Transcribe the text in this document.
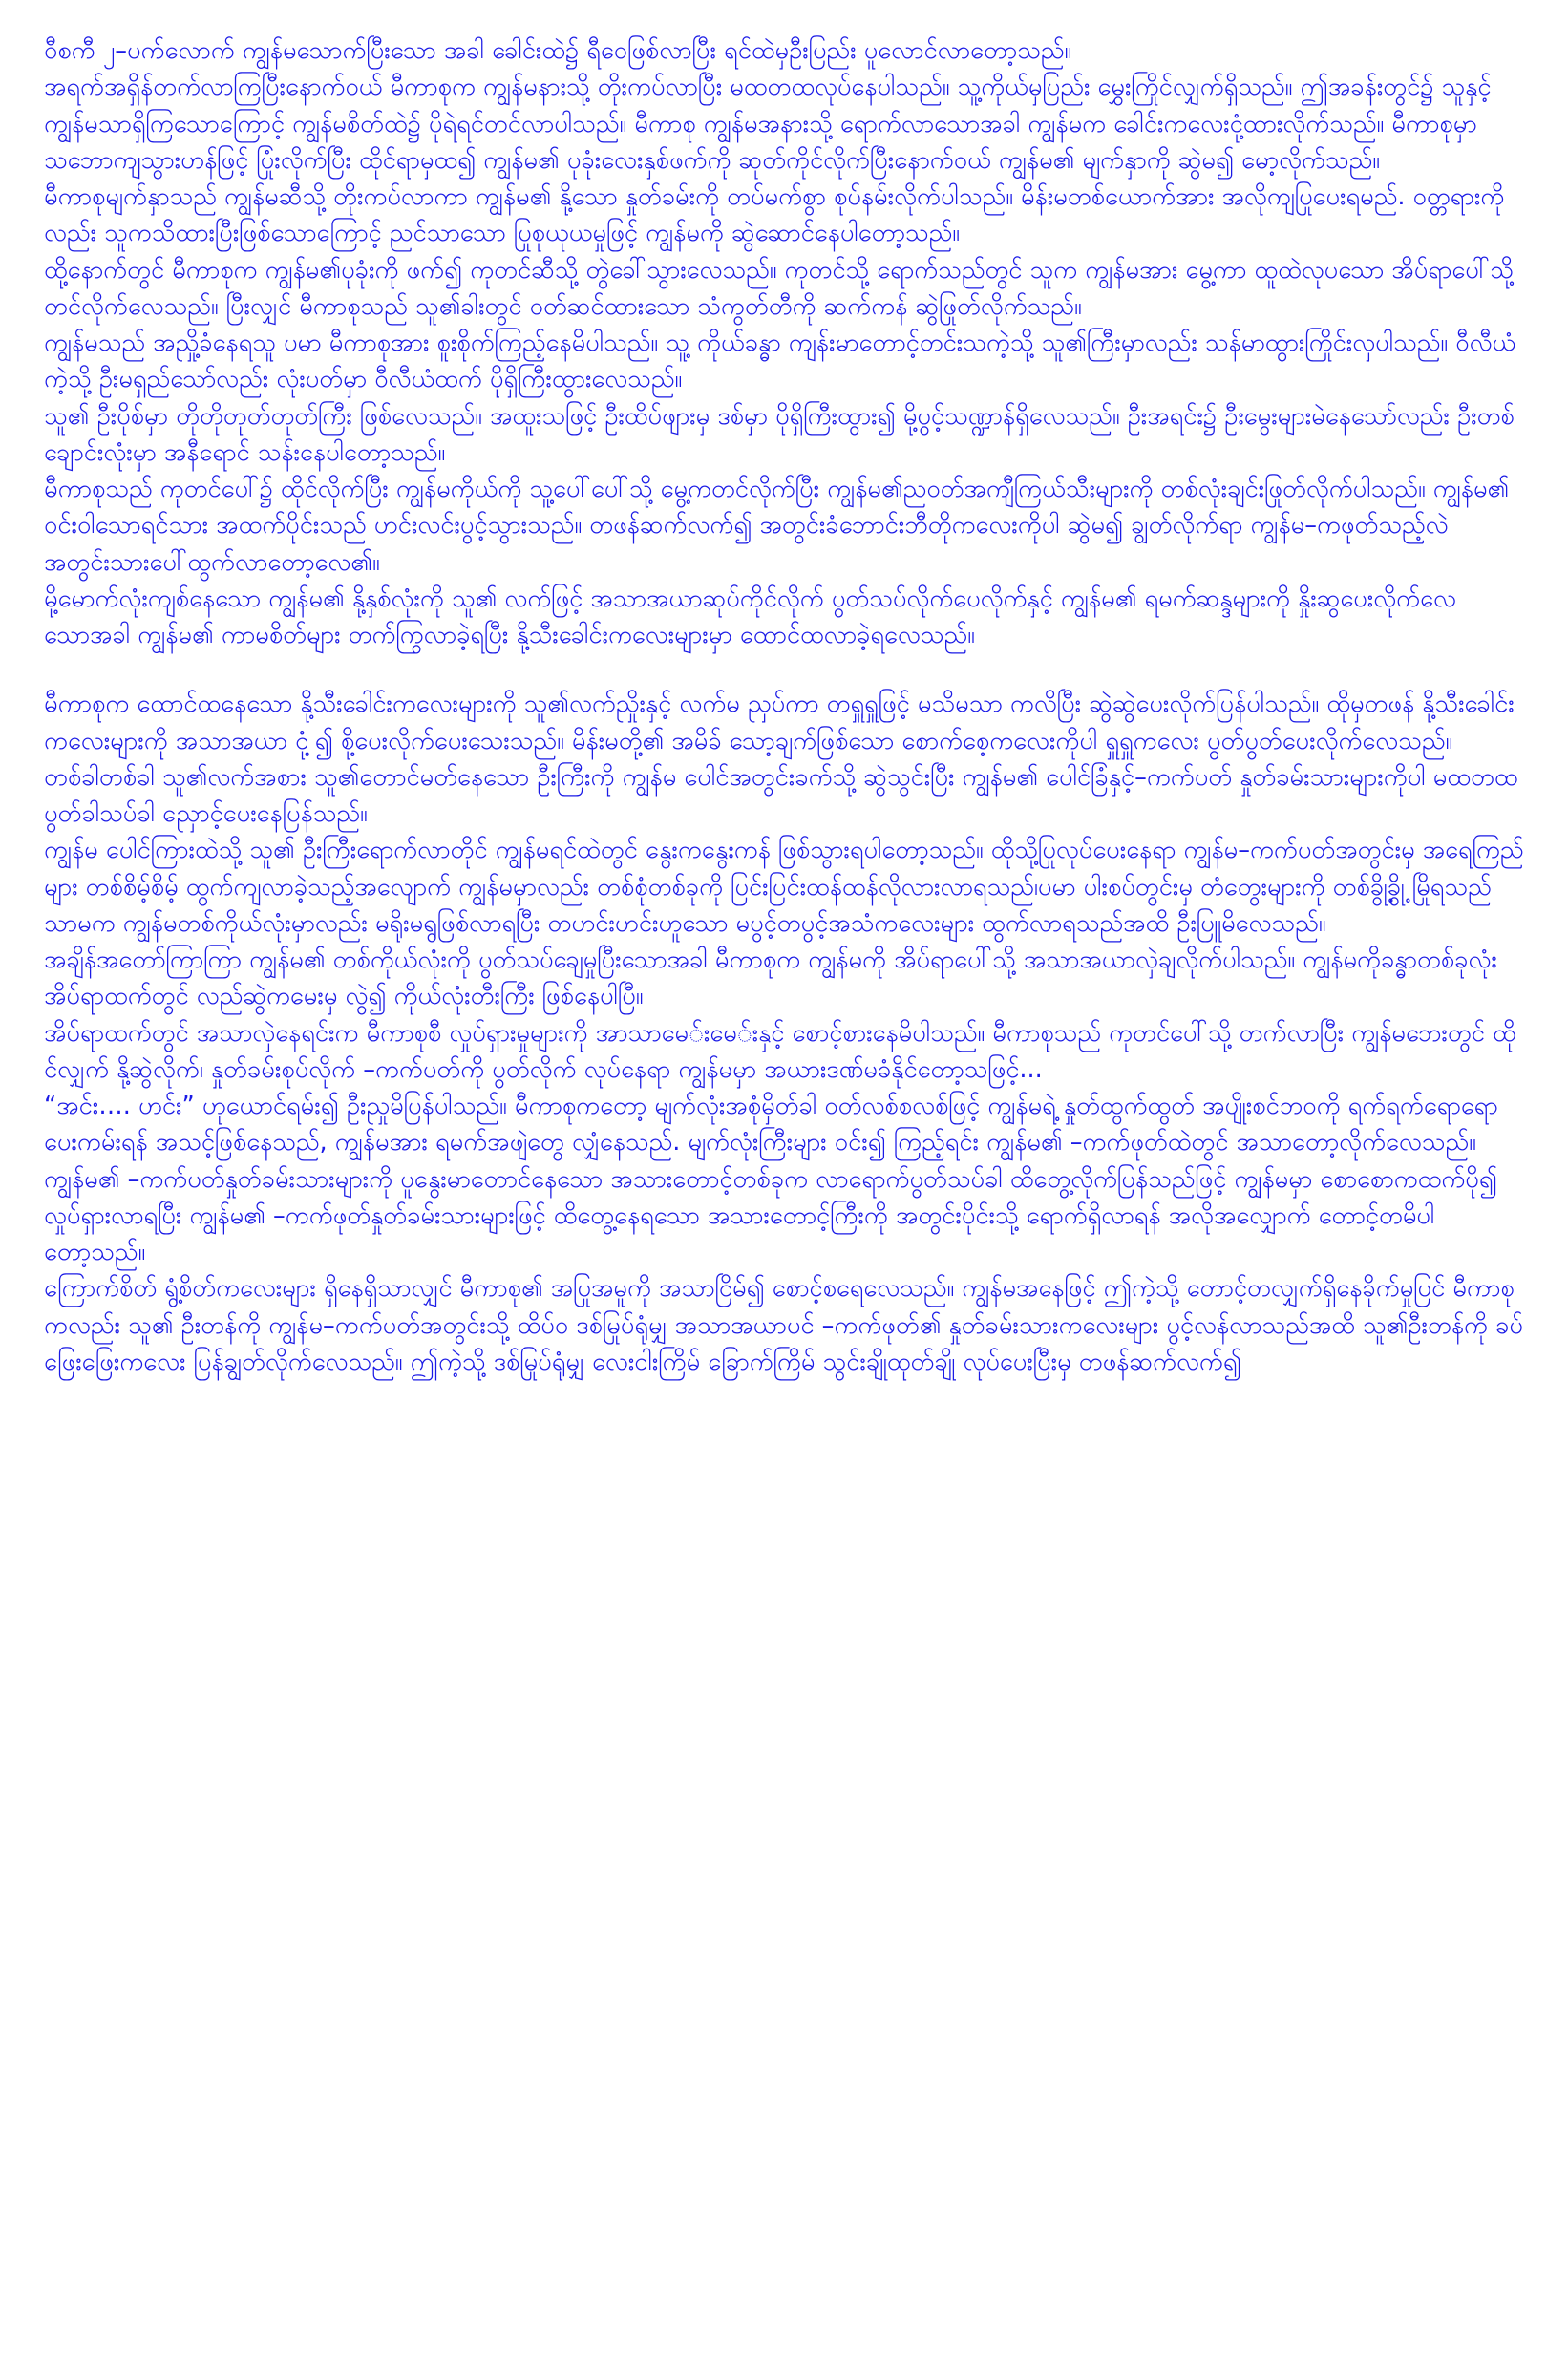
ဝီစကီ ၂–ပက်လောက် ကျွန်မသောက်ပြီးသော အခါ ခေါင်းထဲ၌ ရီဝေဖြစ်လာပြီး ရင်ထဲမှဦးပြည်း ပူလောင်လာတော့သည်။

အရက်အရှိန်တက်လာကြပြီးနောက်ဝယ် မီကာစုက ကျွန်မနားသို့ တိုးကပ်လာပြီး မထတထလုပ်နေပါသည်။ သူ့ကိုယ်မှပြည်း မွှေးကြိုင်လျှက်ရှိသည်။ ဤအခန်းတွင်၌ သူနှင့်ကျွန်မသာရှိကြသောကြောင့် ကျွန်မစိတ်ထဲ၌ ပိုရဲရင်တင်လာပါသည်။ မီကာစု ကျွန်မအနားသို့ ရောက်လာသောအခါ ကျွန်မက ခေါင်းကလေးငုံ့ထားလိုက်သည်။ မီကာစုမှာ သဘောကျသွားဟန်ဖြင့် ပြုံးလိုက်ပြီး ထိုင်ရာမှထ၍ ကျွန်မ၏ ပုခုံးလေးနှစ်ဖက်ကို ဆုတ်ကိုင်လိုက်ပြီးနောက်ဝယ် ကျွန်မ၏ မျက်နှာကို ဆွဲမ၍ မော့လိုက်သည်။

မီကာစုမျက်နှာသည် ကျွန်မဆီသို့ တိုးကပ်လာကာ ကျွန်မ၏ နို့သော နှုတ်ခမ်းကို တပ်မက်စွာ စုပ်နမ်းလိုက်ပါသည်။ မိန်းမတစ်ယောက်အား အလိုကျပြုပေးရမည်. ဝတ္တရားကိုလည်း သူကသိထားပြီးဖြစ်သောကြောင့် ညင်သာသော ပြုစုယုယမှုဖြင့် ကျွန်မကို ဆွဲဆောင်နေပါတော့သည်။

ထို့နောက်တွင် မီကာစုက ကျွန်မ၏ပုခုံးကို ဖက်၍ ကုတင်ဆီသို့ တွဲခေါ်သွားလေသည်။ ကုတင်သို့ ရောက်သည်တွင် သူက ကျွန်မအား မွေ့ကာ ထူထဲလုပသော အိပ်ရာပေါ်သို့တင်လိုက်လေသည်။ ပြီးလျှင် မီကာစုသည် သူ၏ခါးတွင် ဝတ်ဆင်ထားသော သံကွတ်တီကို ဆက်ကန် ဆွဲဖြုတ်လိုက်သည်။

ကျွန်မသည် အညှို့ခံနေရသူ ပမာ မီကာစုအား စူးစိုက်ကြည့်နေမိပါသည်။ သူ့ ကိုယ်ခန္ဓာ ကျန်းမာတောင့်တင်းသကဲ့သို့ သူ၏ကြီးမှာလည်း သန်မာထွားကြိုင်းလှပါသည်။ ဝီလီယံကဲ့သို့ ဦးမရှည်သော်လည်း လုံးပတ်မှာ ဝီလီယံထက် ပိုရှိကြီးထွားလေသည်။

သူ၏ ဦးပိုစ်မှာ တိုတိုတုတ်တုတ်ကြီး ဖြစ်လေသည်။ အထူးသဖြင့် ဦးထိပ်ဖျားမှ ဒစ်မှာ ပိုရှိကြီးထွား၍ မို့ပွင့်သဏ္ဍာန်ရှိလေသည်။ ဦးအရင်း၌ ဦးမွေးများမဲနေသော်လည်း ဦးတစ်ချောင်းလုံးမှာ အနီရောင် သန်းနေပါတော့သည်။

မီကာစုသည် ကုတင်ပေါ်၌ ထိုင်လိုက်ပြီး ကျွန်မကိုယ်ကို သူ့ပေါ်ပေါ်သို့ မွေ့ကတင်လိုက်ပြီး ကျွန်မ၏ညဝတ်အကျီကြယ်သီးများကို တစ်လုံးချင်းဖြုတ်လိုက်ပါသည်။ ကျွန်မ၏ ဝင်းဝါသောရင်သား အထက်ပိုင်းသည် ဟင်းလင်းပွင့်သွားသည်။ တဖန်ဆက်လက်၍ အတွင်းခံဘောင်းဘီတိုကလေးကိုပါ ဆွဲမ၍ ချွတ်လိုက်ရာ ကျွန်မ–ကဖုတ်သည့်လဲ အတွင်းသားပေါ်ထွက်လာတော့လေ၏။

မို့မောက်လုံးကျစ်နေသော ကျွန်မ၏ နို့နှစ်လုံးကို သူ၏ လက်ဖြင့် အသာအယာဆုပ်ကိုင်လိုက် ပွတ်သပ်လိုက်ပေလိုက်နှင့် ကျွန်မ၏ ရမက်ဆန္ဒများကို နှိုးဆွပေးလိုက်လေသောအခါ ကျွန်မ၏ ကာမစိတ်များ တက်ကြွလာခဲ့ရပြီး နို့သီးခေါင်းကလေးများမှာ ထောင်ထလာခဲ့ရလေသည်။

မီကာစုက ထောင်ထနေသော နို့သီးခေါင်းကလေးများကို သူ၏လက်ညှိုးနှင့် လက်မ ညှပ်ကာ တရှူရှူဖြင့် မသိမသာ ကလိပြီး ဆွဲဆွဲပေးလိုက်ပြန်ပါသည်။ ထိုမှတဖန် နို့သီးခေါင်းကလေးများကို အသာအယာ ငုံ့၍ စို့ပေးလိုက်ပေးသေးသည်။ မိန်းမတို့၏ အမိခ် သော့ချက်ဖြစ်သော စောက်စေ့ကလေးကိုပါ ရှူရှူကလေး ပွတ်ပွတ်ပေးလိုက်လေသည်။

တစ်ခါတစ်ခါ သူ၏လက်အစား သူ၏တောင်မတ်နေသော ဦးကြီးကို ကျွန်မ ပေါင်အတွင်းခက်သို့ ဆွဲသွင်းပြီး ကျွန်မ၏ ပေါင်ခြံနှင့်–ကက်ပတ် နှုတ်ခမ်းသားများကိုပါ မထတထ ပွတ်ခါသပ်ခါ ညှောင့်ပေးနေပြန်သည်။

ကျွန်မ ပေါင်ကြားထဲသို့ သူ၏ ဦးကြီးရောက်လာတိုင် ကျွန်မရင်ထဲတွင် နွေးကနွေးကန် ဖြစ်သွားရပါတော့သည်။ ထိုသို့ပြုလုပ်ပေးနေရာ ကျွန်မ–ကက်ပတ်အတွင်းမှ အရေကြည်များ တစ်စိမ့်စိမ့် ထွက်ကျလာခဲ့သည့်အလျောက် ကျွန်မမှာလည်း တစ်စုံတစ်ခုကို ပြင်းပြင်းထန်ထန်လိုလားလာရသည်၊ပမာ ပါးစပ်တွင်းမှ တံတွေးများကို တစ်ခွို့ခွို့ မြိုရသည်သာမက ကျွန်မတစ်ကိုယ်လုံးမှာလည်း မရိုးမရွဖြစ်လာရပြီး တဟင်းဟင်းဟူသော မပွင့်တပွင့်အသံကလေးများ ထွက်လာရသည်အထိ ဦးပြူမိလေသည်။

အချိန်အတော်ကြာကြာ ကျွန်မ၏ တစ်ကိုယ်လုံးကို ပွတ်သပ်ချေမှုပြီးသောအခါ မီကာစုက ကျွန်မကို အိပ်ရာပေါ်သို့ အသာအယာလှဲချလိုက်ပါသည်။ ကျွန်မကိုခန္ဓာတစ်ခုလုံး အိပ်ရာထက်တွင် လည်ဆွဲကမေးမှ လွဲ၍ ကိုယ်လုံးတီးကြီး ဖြစ်နေပါပြီ။

အိပ်ရာထက်တွင် အသာလှဲနေရင်းက မီကာစုစီ လှုပ်ရှားမှုများကို အာသာမေ်းမေ်းနှင့် စောင့်စားနေမိပါသည်။ မီကာစုသည် ကုတင်ပေါ်သို့ တက်လာပြီး ကျွန်မဘေးတွင် ထိုင်လျှက် နို့ဆွဲလိုက်၊ နှုတ်ခမ်းစုပ်လိုက် –ကက်ပတ်ကို ပွတ်လိုက် လုပ်နေရာ ကျွန်မမှာ အယားဒဏ်မခံနိုင်တော့သဖြင့်...

“အင်း…. ဟင်း” ဟုယောင်ရမ်း၍ ဦးညှုမိပြန်ပါသည်။ မီကာစုကတော့ မျက်လုံးအစုံမှိတ်ခါ ဝတ်လစ်စလစ်ဖြင့် ကျွန်မရဲ့ နှုတ်ထွက်ထွတ် အပျိုးစင်ဘဝကို ရက်ရက်ရောရော ပေးကမ်းရန် အသင့်ဖြစ်နေသည်, ကျွန်မအား ရမက်အဖျဲတွေ လျှံနေသည်. မျက်လုံးကြီးများ ဝင်း၍ ကြည့်ရင်း ကျွန်မ၏ –ကက်ဖုတ်ထဲတွင် အသာတော့လိုက်လေသည်။ ကျွန်မ၏ –ကက်ပတ်နှုတ်ခမ်းသားများကို ပူနွေးမာတောင်နေသော အသားတောင့်တစ်ခုက လာရောက်ပွတ်သပ်ခါ ထိတွေ့လိုက်ပြန်သည်ဖြင့် ကျွန်မမှာ စောစောကထက်ပို၍ လှုပ်ရှားလာရပြီး ကျွန်မ၏ –ကက်ဖုတ်နှုတ်ခမ်းသားများဖြင့် ထိတွေ့နေရသော အသားတောင့်ကြီးကို အတွင်းပိုင်းသို့ ရောက်ရှိလာရန် အလိုအလျှောက် တောင့်တမိပါတော့သည်။

ကြောက်စိတ် ရွံ့စိတ်ကလေးများ ရှိနေရှိသာလျှင် မီကာစု၏ အပြုအမူကို အသာငြိမ်၍ စောင့်စရေလေသည်။ ကျွန်မအနေဖြင့် ဤကဲ့သို့ တောင့်တလျှက်ရှိနေခိုက်မှုပြင် မီကာစုကလည်း သူ၏ ဦးတန်ကို ကျွန်မ–ကက်ပတ်အတွင်းသို့ ထိပ်ဝ ဒစ်မြုပ်ရုံမျှ အသာအယာပင် –ကက်ဖုတ်၏ နှုတ်ခမ်းသားကလေးများ ပွင့်လန်လာသည်အထိ သူ၏ဦးတန်ကို ခပ်ဖြေးဖြေးကလေး ပြန်ချွတ်လိုက်လေသည်။ ဤကဲ့သို့ ဒစ်မြုပ်ရုံမျှ လေးငါးကြိမ် ခြောက်ကြိမ် သွင်းချိုထုတ်ချို လုပ်ပေးပြီးမှ တဖန်ဆက်လက်၍
